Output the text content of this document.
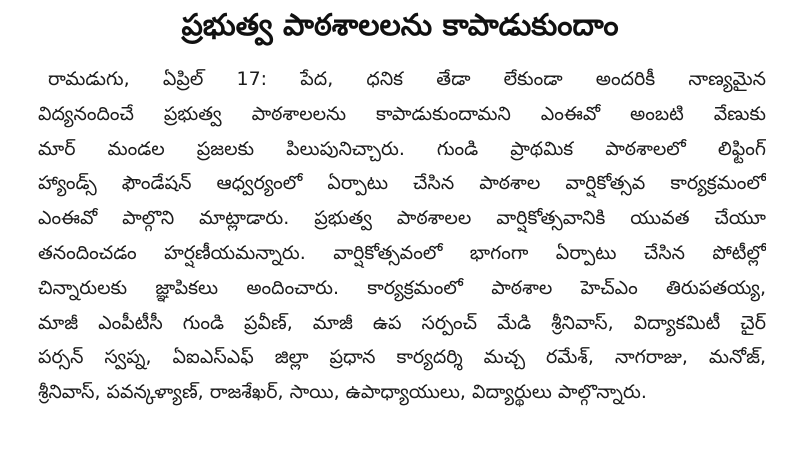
ప్రభుత్వ పాఠశాలలను కాపాడుకుందాం
రామడుగు, ఏప్రిల్ 17: పేద, ధనిక తేడా లేకుండా అందరికీ నాణ్యమైన
విద్యనందించే ప్రభుత్వ పాఠశాలలను కాపాడుకుందామని ఎంఈవో అంబటి వేణుకు
మార్ మండల ప్రజలకు పిలుపునిచ్చారు. గుండి ప్రాథమిక పాఠశాలలో లిఫ్టింగ్
హ్యాండ్స్ ఫౌండేషన్ ఆధ్వర్యంలో ఏర్పాటు చేసిన పాఠశాల వార్షికోత్సవ కార్యక్రమంలో
ఎంఈవో పాల్గొని మాట్లాడారు. ప్రభుత్వ పాఠశాలల వార్షికోత్సవానికి యువత చేయూ
తనందించడం హర్షణీయమన్నారు. వార్షికోత్సవంలో భాగంగా ఏర్పాటు చేసిన పోటీల్లో
చిన్నారులకు జ్ఞాపికలు అందించారు. కార్యక్రమంలో పాఠశాల హెచ్ఎం తిరుపతయ్య,
మాజీ ఎంపీటీసీ గుండి ప్రవీణ్, మాజీ ఉప సర్పంచ్ మేడి శ్రీనివాస్, విద్యాకమిటీ చైర్
పర్సన్ స్వప్న, ఏఐఎస్ఎఫ్ జిల్లా ప్రధాన కార్యదర్శి మచ్చ రమేశ్, నాగరాజు, మనోజ్,
శ్రీనివాస్, పవన్కళ్యాణ్, రాజశేఖర్, సాయి, ఉపాధ్యాయులు, విద్యార్థులు పాల్గొన్నారు.
